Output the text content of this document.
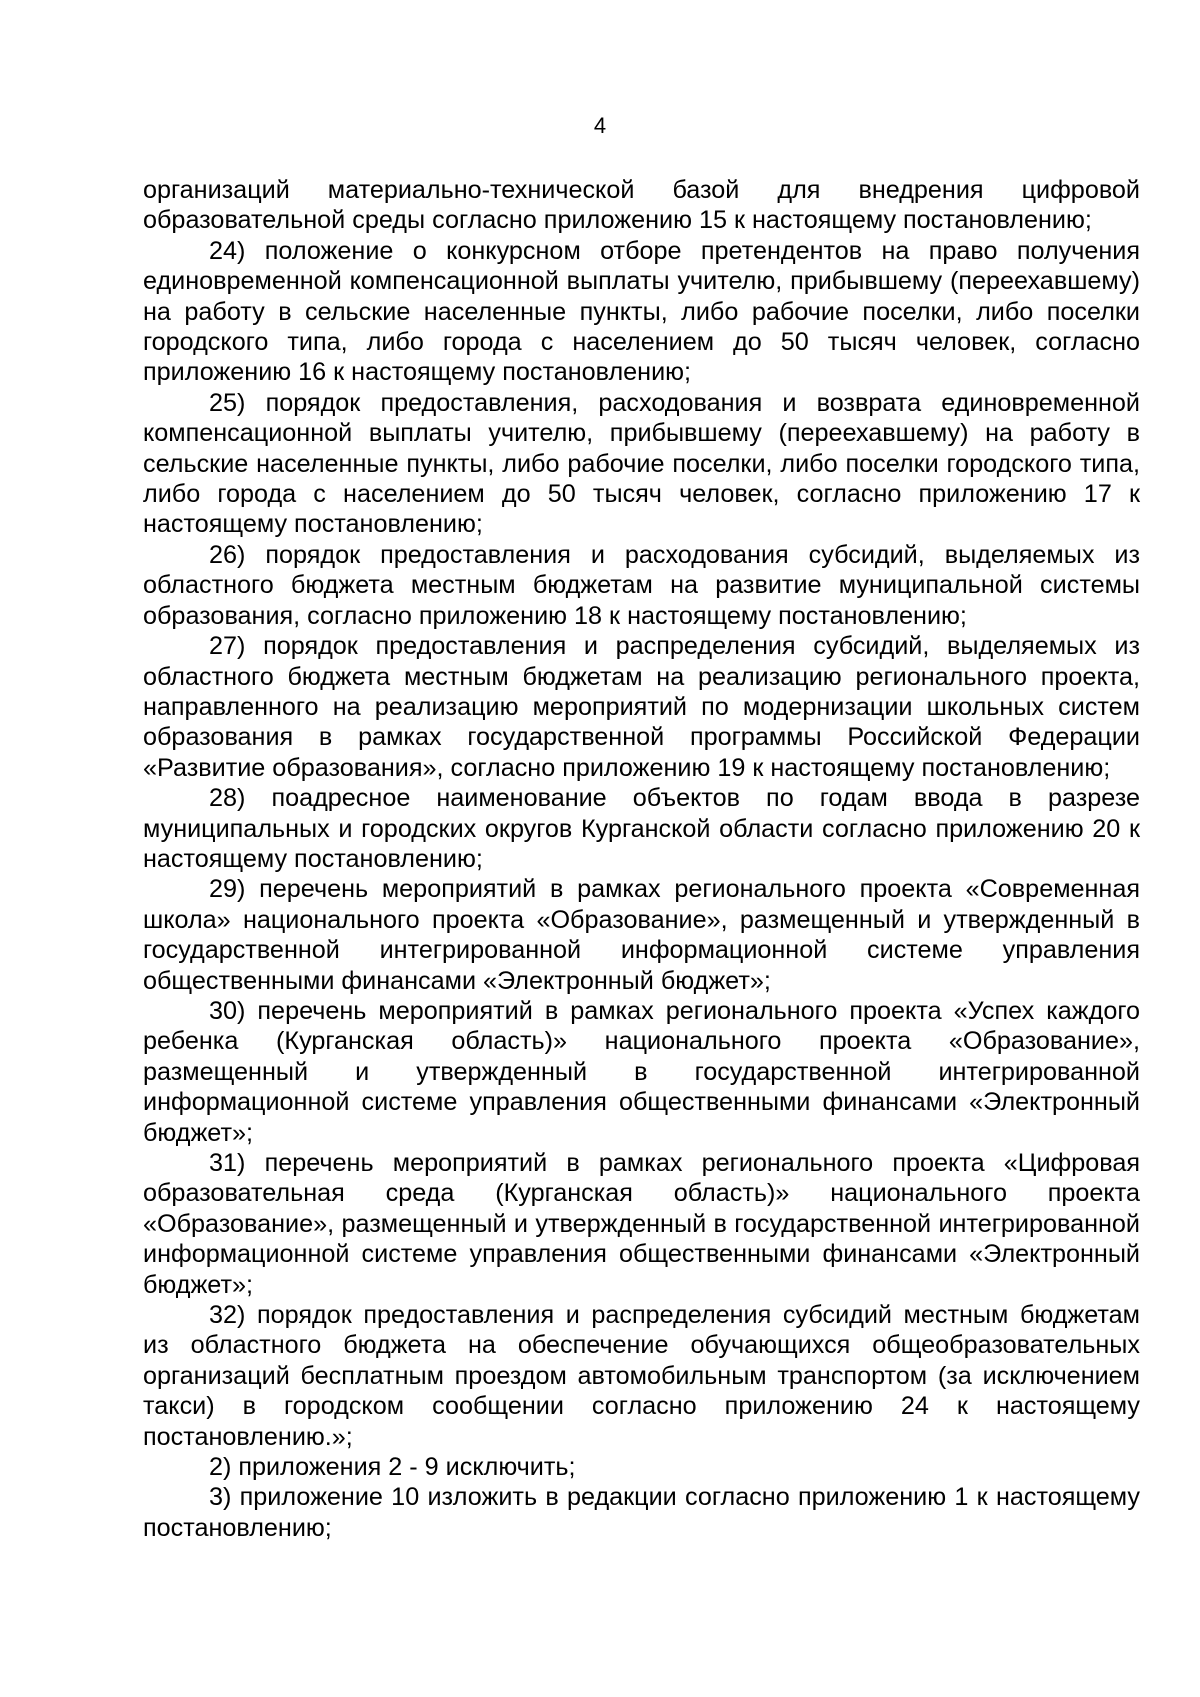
4

организаций материально-технической базой для внедрения цифровой образовательной среды согласно приложению 15 к настоящему постановлению;

24) положение о конкурсном отборе претендентов на право получения единовременной компенсационной выплаты учителю, прибывшему (переехавшему) на работу в сельские населенные пункты, либо рабочие поселки, либо поселки городского типа, либо города с населением до 50 тысяч человек, согласно приложению 16 к настоящему постановлению;

25) порядок предоставления, расходования и возврата единовременной компенсационной выплаты учителю, прибывшему (переехавшему) на работу в сельские населенные пункты, либо рабочие поселки, либо поселки городского типа, либо города с населением до 50 тысяч человек, согласно приложению 17 к настоящему постановлению;

26) порядок предоставления и расходования субсидий, выделяемых из областного бюджета местным бюджетам на развитие муниципальной системы образования, согласно приложению 18 к настоящему постановлению;

27) порядок предоставления и распределения субсидий, выделяемых из областного бюджета местным бюджетам на реализацию регионального проекта, направленного на реализацию мероприятий по модернизации школьных систем образования в рамках государственной программы Российской Федерации «Развитие образования», согласно приложению 19 к настоящему постановлению;

28) поадресное наименование объектов по годам ввода в разрезе муниципальных и городских округов Курганской области согласно приложению 20 к настоящему постановлению;

29) перечень мероприятий в рамках регионального проекта «Современная школа» национального проекта «Образование», размещенный и утвержденный в государственной интегрированной информационной системе управления общественными финансами «Электронный бюджет»;

30) перечень мероприятий в рамках регионального проекта «Успех каждого ребенка (Курганская область)» национального проекта «Образование», размещенный и утвержденный в государственной интегрированной информационной системе управления общественными финансами «Электронный бюджет»;

31) перечень мероприятий в рамках регионального проекта «Цифровая образовательная среда (Курганская область)» национального проекта «Образование», размещенный и утвержденный в государственной интегрированной информационной системе управления общественными финансами «Электронный бюджет»;

32) порядок предоставления и распределения субсидий местным бюджетам из областного бюджета на обеспечение обучающихся общеобразовательных организаций бесплатным проездом автомобильным транспортом (за исключением такси) в городском сообщении согласно приложению 24 к настоящему постановлению.»;

2) приложения 2 - 9 исключить;

3) приложение 10 изложить в редакции согласно приложению 1 к настоящему постановлению;
